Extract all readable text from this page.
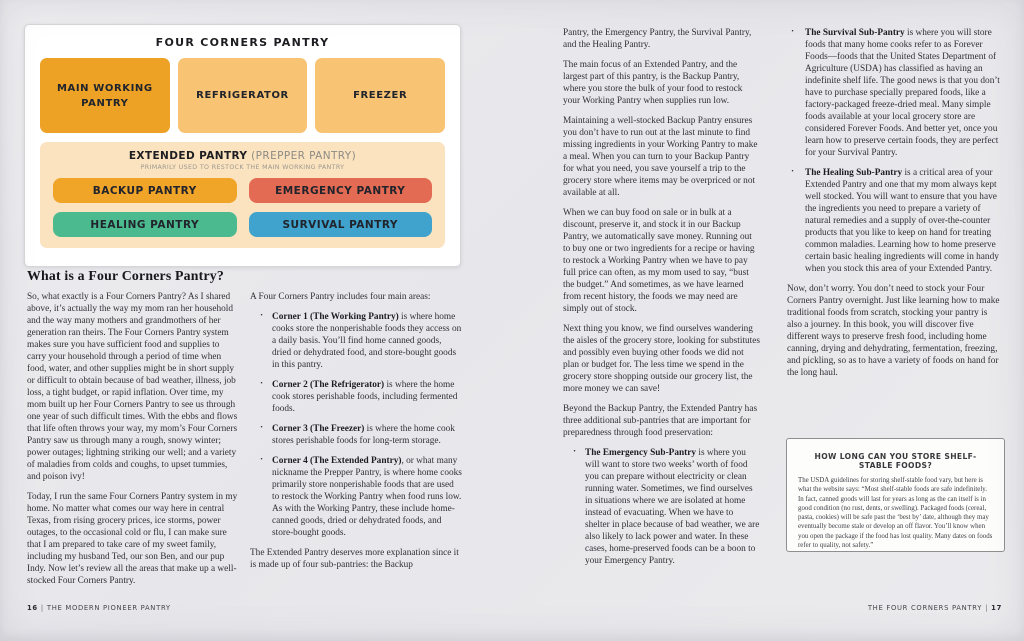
FOUR CORNERS PANTRY
MAIN WORKING PANTRY
REFRIGERATOR	FREEZER
EXTENDED PANTRY (PREPPER PANTRY)
PRIMARILY USED TO RESTOCK THE MAIN WORKING PANTRY
BACKUP PANTRY	EMERGENCY PANTRY
HEALING PANTRY	SURVIVAL PANTRY
What is a Four Corners Pantry?

So, what exactly is a Four Corners Pantry? As I shared above, it’s actually the way my mom ran her household and the way many mothers and grandmothers of her generation ran theirs. The Four Corners Pantry system makes sure you have sufficient food and supplies to carry your household through a period of time when food, water, and other supplies might be in short supply or difficult to obtain because of bad weather, illness, job loss, a tight budget, or rapid inflation. Over time, my mom built up her Four Corners Pantry to see us through one year of such difficult times. With the ebbs and flows that life often throws your way, my mom’s Four Corners Pantry saw us through many a rough, snowy winter; power outages; lightning striking our well; and a variety of maladies from colds and coughs, to upset tummies, and poison ivy!

Today, I run the same Four Corners Pantry system in my home. No matter what comes our way here in central Texas, from rising grocery prices, ice storms, power outages, to the occasional cold or flu, I can make sure that I am prepared to take care of my sweet family, including my husband Ted, our son Ben, and our pup Indy. Now let’s review all the areas that make up a well-stocked Four Corners Pantry.

A Four Corners Pantry includes four main areas:

· Corner 1 (The Working Pantry) is where home cooks store the nonperishable foods they access on a daily basis. You’ll find home canned goods, dried or dehydrated food, and store-bought goods in this pantry.
· Corner 2 (The Refrigerator) is where the home cook stores perishable foods, including fermented foods.
· Corner 3 (The Freezer) is where the home cook stores perishable foods for long-term storage.
· Corner 4 (The Extended Pantry), or what many nickname the Prepper Pantry, is where home cooks primarily store nonperishable foods that are used to restock the Working Pantry when food runs low. As with the Working Pantry, these include home-canned goods, dried or dehydrated foods, and store-bought goods.

The Extended Pantry deserves more explanation since it is made up of four sub-pantries: the Backup

Pantry, the Emergency Pantry, the Survival Pantry, and the Healing Pantry.

The main focus of an Extended Pantry, and the largest part of this pantry, is the Backup Pantry, where you store the bulk of your food to restock your Working Pantry when supplies run low.

Maintaining a well-stocked Backup Pantry ensures you don’t have to run out at the last minute to find missing ingredients in your Working Pantry to make a meal. When you can turn to your Backup Pantry for what you need, you save yourself a trip to the grocery store where items may be overpriced or not available at all.

When we can buy food on sale or in bulk at a discount, preserve it, and stock it in our Backup Pantry, we automatically save money. Running out to buy one or two ingredients for a recipe or having to restock a Working Pantry when we have to pay full price can often, as my mom used to say, “bust the budget.” And sometimes, as we have learned from recent history, the foods we may need are simply out of stock.

Next thing you know, we find ourselves wandering the aisles of the grocery store, looking for substitutes and possibly even buying other foods we did not plan or budget for. The less time we spend in the grocery store shopping outside our grocery list, the more money we can save!

Beyond the Backup Pantry, the Extended Pantry has three additional sub-pantries that are important for preparedness through food preservation:

· The Emergency Sub-Pantry is where you will want to store two weeks’ worth of food you can prepare without electricity or clean running water. Sometimes, we find ourselves in situations where we are isolated at home instead of evacuating. When we have to shelter in place because of bad weather, we are also likely to lack power and water. In these cases, home-preserved foods can be a boon to your Emergency Pantry.
· The Survival Sub-Pantry is where you will store foods that many home cooks refer to as Forever Foods—foods that the United States Department of Agriculture (USDA) has classified as having an indefinite shelf life. The good news is that you don’t have to purchase specially prepared foods, like a factory-packaged freeze-dried meal. Many simple foods available at your local grocery store are considered Forever Foods. And better yet, once you learn how to preserve certain foods, they are perfect for your Survival Pantry.
· The Healing Sub-Pantry is a critical area of your Extended Pantry and one that my mom always kept well stocked. You will want to ensure that you have the ingredients you need to prepare a variety of natural remedies and a supply of over-the-counter products that you like to keep on hand for treating common maladies. Learning how to home preserve certain basic healing ingredients will come in handy when you stock this area of your Extended Pantry.

Now, don’t worry. You don’t need to stock your Four Corners Pantry overnight. Just like learning how to make traditional foods from scratch, stocking your pantry is also a journey. In this book, you will discover five different ways to preserve fresh food, including home canning, drying and dehydrating, fermentation, freezing, and pickling, so as to have a variety of foods on hand for the long haul.

HOW LONG CAN YOU STORE SHELF-STABLE FOODS?

The USDA guidelines for storing shelf-stable food vary, but here is what the website says: “Most shelf-stable foods are safe indefinitely. In fact, canned goods will last for years as long as the can itself is in good condition (no rust, dents, or swelling). Packaged foods (cereal, pasta, cookies) will be safe past the ‘best by’ date, although they may eventually become stale or develop an off flavor. You’ll know when you open the package if the food has lost quality. Many dates on foods refer to quality, not safety.”

16 | THE MODERN PIONEER PANTRY	THE FOUR CORNERS PANTRY | 17
